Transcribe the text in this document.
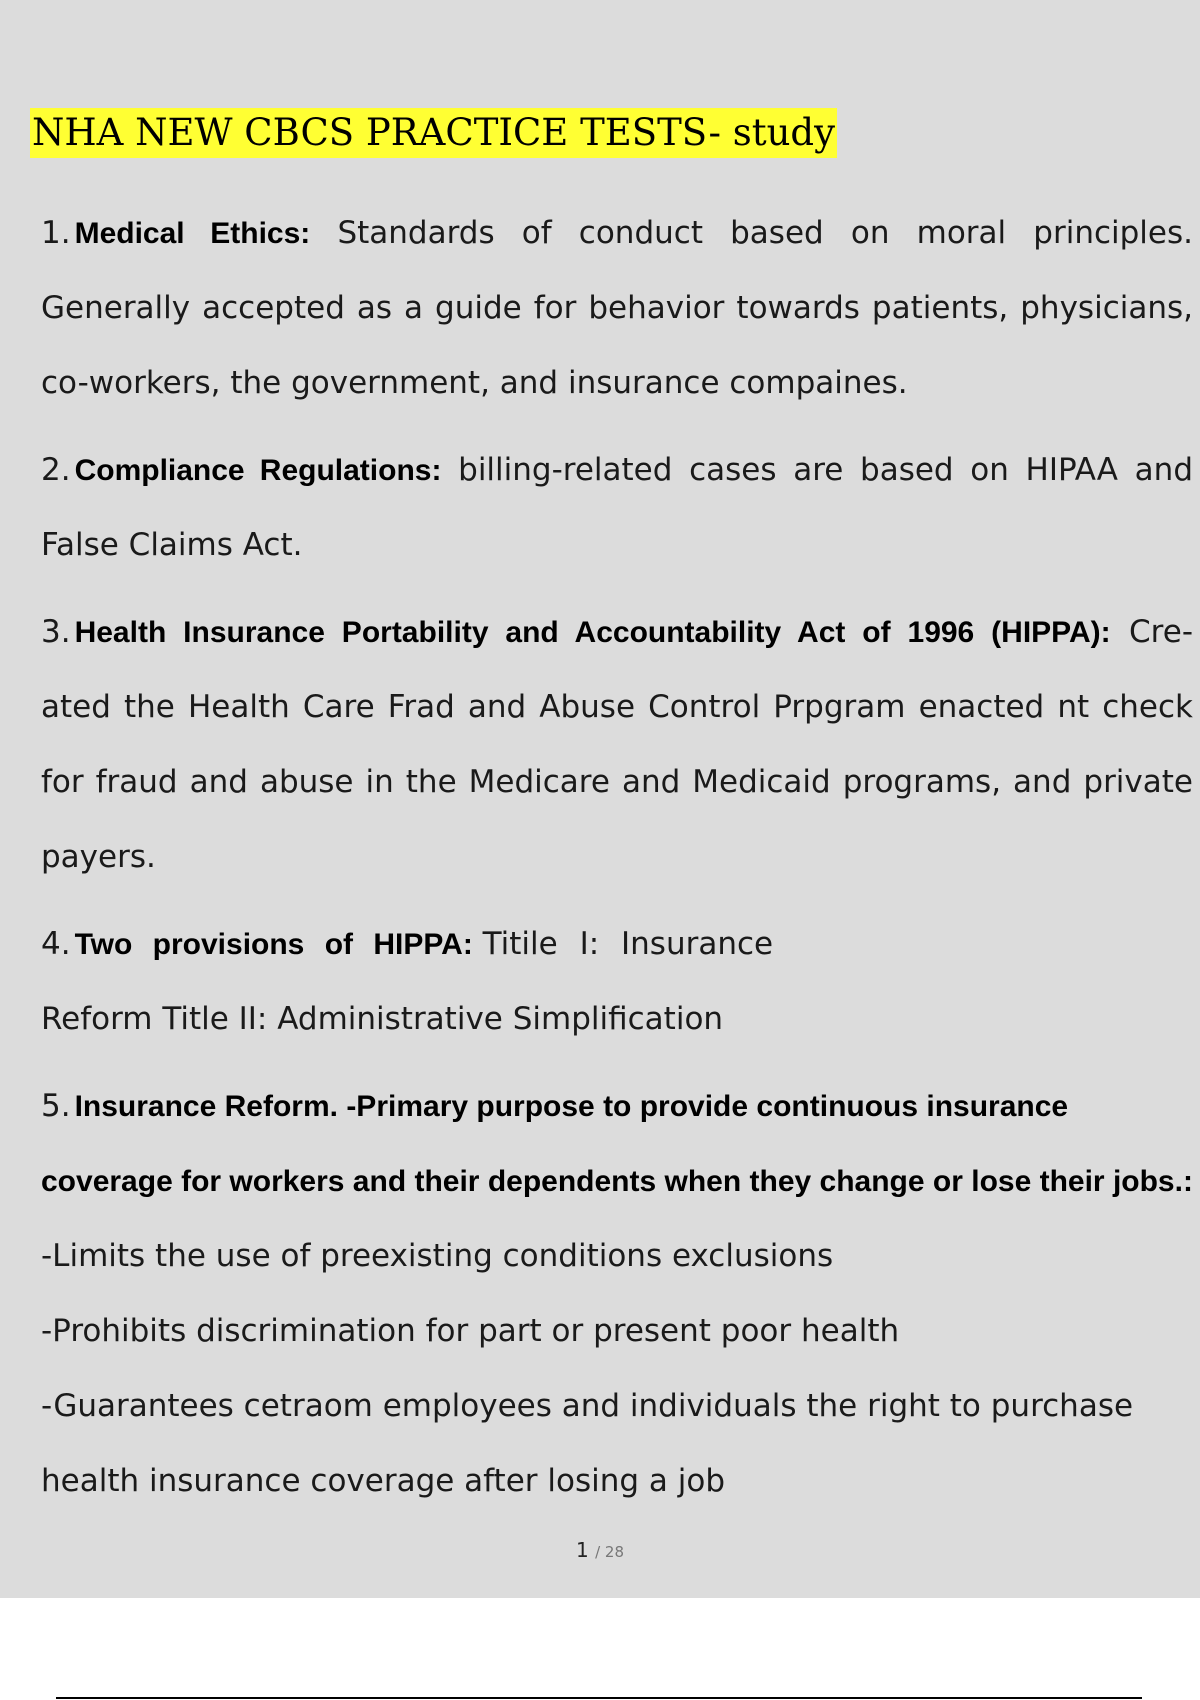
NHA NEW CBCS PRACTICE TESTS- study
1. Medical Ethics: Standards of conduct based on moral principles. Generally accepted as a guide for behavior towards patients, physicians, co-workers, the government, and insurance compaines.
2. Compliance Regulations: billing-related cases are based on HIPAA and False Claims Act.
3. Health Insurance Portability and Accountability Act of 1996 (HIPPA): Cre- ated the Health Care Frad and Abuse Control Prpgram enacted nt check for fraud and abuse in the Medicare and Medicaid programs, and private payers.
4. Two provisions of HIPPA: Titile I: Insurance
Reform Title II: Administrative Simplification
5. Insurance Reform. -Primary purpose to provide continuous insurance coverage for workers and their dependents when they change or lose their jobs.: -Limits the use of preexisting conditions exclusions
-Prohibits discrimination for part or present poor health
-Guarantees cetraom employees and individuals the right to purchase health insurance coverage after losing a job
1 / 28
